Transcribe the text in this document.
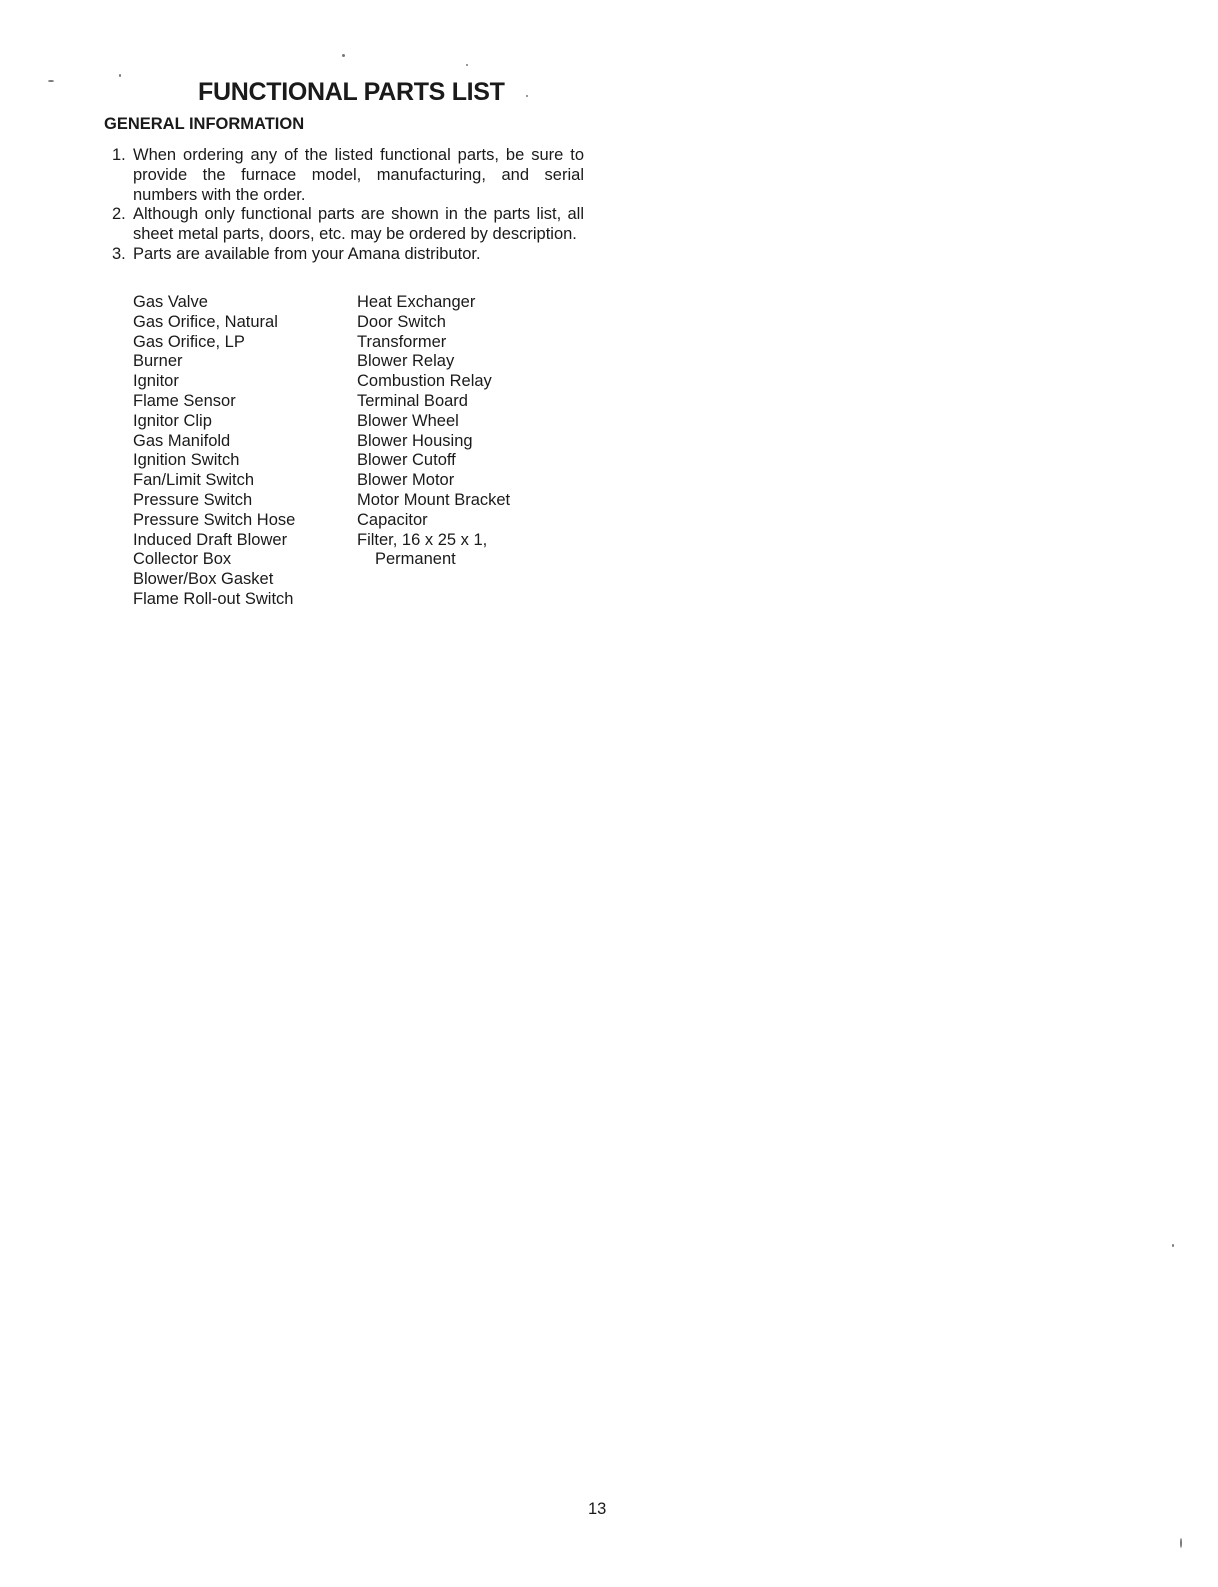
FUNCTIONAL PARTS LIST
GENERAL INFORMATION
1. When ordering any of the listed functional parts, be sure to provide the furnace model, manufacturing, and serial numbers with the order.
2. Although only functional parts are shown in the parts list, all sheet metal parts, doors, etc. may be ordered by description.
3. Parts are available from your Amana distributor.
Gas Valve
Gas Orifice, Natural
Gas Orifice, LP
Burner
Ignitor
Flame Sensor
Ignitor Clip
Gas Manifold
Ignition Switch
Fan/Limit Switch
Pressure Switch
Pressure Switch Hose
Induced Draft Blower
Collector Box
Blower/Box Gasket
Flame Roll-out Switch
Heat Exchanger
Door Switch
Transformer
Blower Relay
Combustion Relay
Terminal Board
Blower Wheel
Blower Housing
Blower Cutoff
Blower Motor
Motor Mount Bracket
Capacitor
Filter, 16 x 25 x 1,
Permanent
13
